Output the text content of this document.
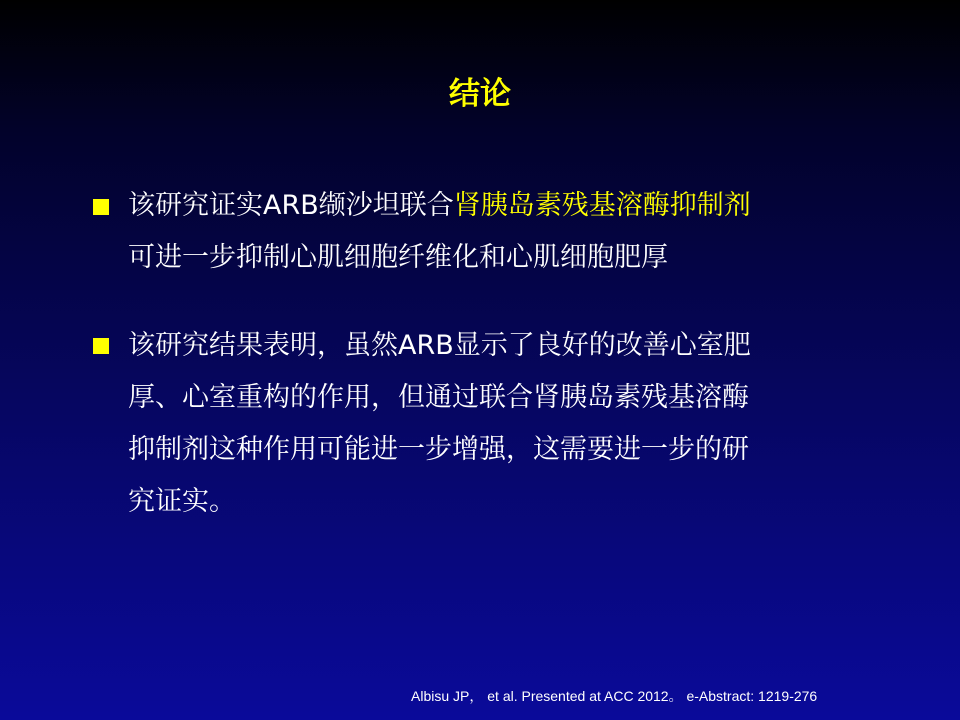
结论
该研究证实ARB缬沙坦联合肾胰岛素残基溶酶抑制剂
可进一步抑制心肌细胞纤维化和心肌细胞肥厚
该研究结果表明，虽然ARB显示了良好的改善心室肥
厚、心室重构的作用，但通过联合肾胰岛素残基溶酶
抑制剂这种作用可能进一步增强，这需要进一步的研
究证实。
Albisu JP， et al. Presented at ACC 2012。 e-Abstract: 1219-276
